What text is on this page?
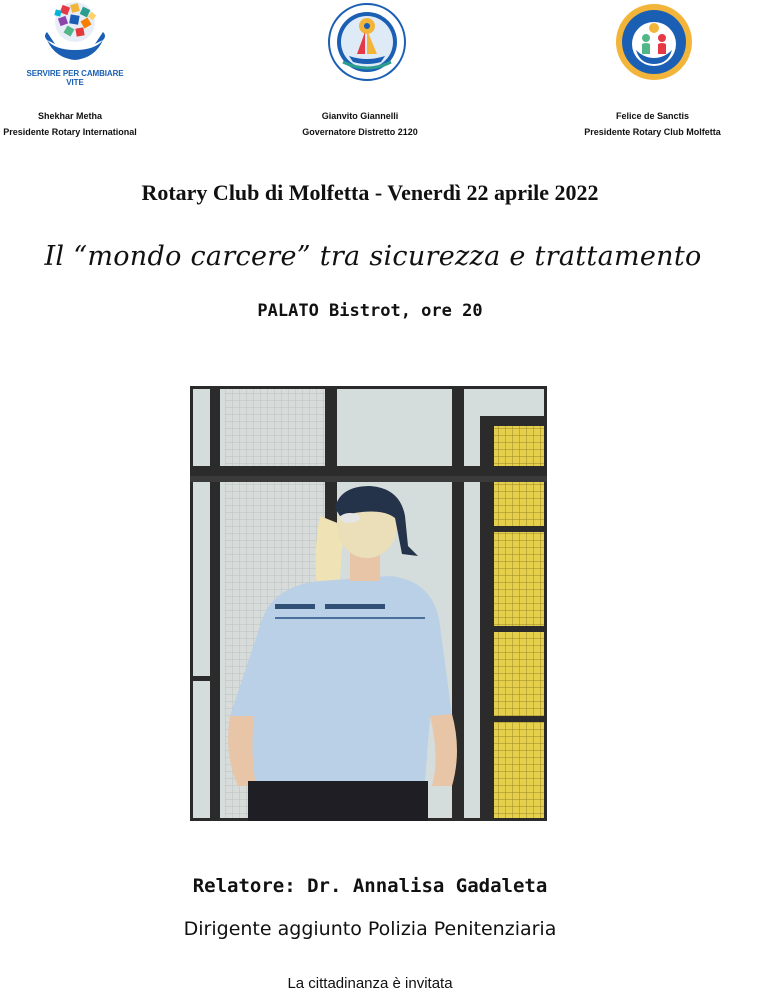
SERVIRE PER CAMBIARE VITE
Shekhar Metha
Presidente Rotary International
Gianvito Giannelli
Governatore Distretto 2120
Felice de Sanctis
Presidente Rotary Club Molfetta
Rotary Club di Molfetta - Venerdì 22 aprile 2022
Il “mondo carcere” tra sicurezza e trattamento
PALATO Bistrot, ore 20
Relatore: Dr. Annalisa Gadaleta
Dirigente aggiunto Polizia Penitenziaria
La cittadinanza è invitata
